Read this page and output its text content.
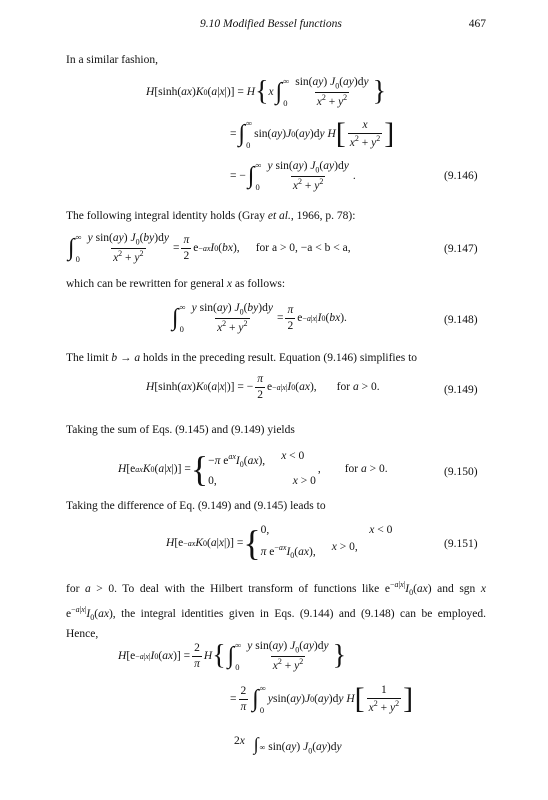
9.10 Modified Bessel functions	467
In a similar fashion,
H [sinh( ax ) K 0 ( a | x |)] = H { x ∫ ∞
$0 \frac{\sin(ay) J_0(ay)dy}{x^2 + y^2}$ }
= ∫ ∞
0
sin( ay ) J 0 ( ay )d y
H [ $\frac{x}{x^2 + y^2}$ ]
= − ∫ ∞
$0 \frac{y \sin(ay) J_0(ay)dy}{x^2 + y^2}$ .	(9.146)
The following integral identity holds (Gray et al., 1966, p. 78):
∫ ∞
$0 \frac{y \sin(ay) J_0(by)dy}{x^2 + y^2} = \frac{\pi}{2}$ e −ax I 0 ( bx ), for a > 0, −a < b < a,	(9.147)
which can be rewritten for general x as follows:
∫ ∞
$0 \frac{y \sin(ay) J_0(by)dy}{x^2 + y^2} = \frac{\pi}{2}$ e −a|x| I 0 ( bx ).	(9.148)
The limit b → a holds in the preceding result. Equation (9.146) simplifies to
H [sinh( ax ) K 0 ( a | x |)] = − $\frac{\pi}{2}$ e −a|x| I 0 ( ax ), for a > 0.	(9.149)
Taking the sum of Eqs. (9.145) and (9.149) yields
H [e ax K 0 ( a | x |)] = { −π $e^{ax}I_0(ax)$, x < 0
0,	x > 0
, for a > 0.	(9.150)
Taking the difference of Eq. (9.149) and (9.145) leads to
H [e −ax K 0 ( a | x |)] = { 0,	x < 0
π $e^{-ax}I_0(ax)$, x > 0,	(9.151)
for a > 0. To deal with the Hilbert transform of functions like $e^{-a|x|}I_0(ax)$ and sgn x $e^{-a|x|}I_0(ax)$, the integral identities given in Eqs. (9.144) and (9.148) can be employed. Hence,
H [e −a|x| I 0 ( ax )] = $\frac{2}{\pi}$ H { ∫ ∞
$0 \frac{y \sin(ay) J_0(ay)dy}{x^2 + y^2}$ }
= $\frac{2}{\pi}$ ∫ ∞
0
y sin( ay ) J 0 ( ay )d y
H [ $\frac{1}{x^2 + y^2}$ ]
2x ∫∞ sin(ay) $J_0(ay)dy$
